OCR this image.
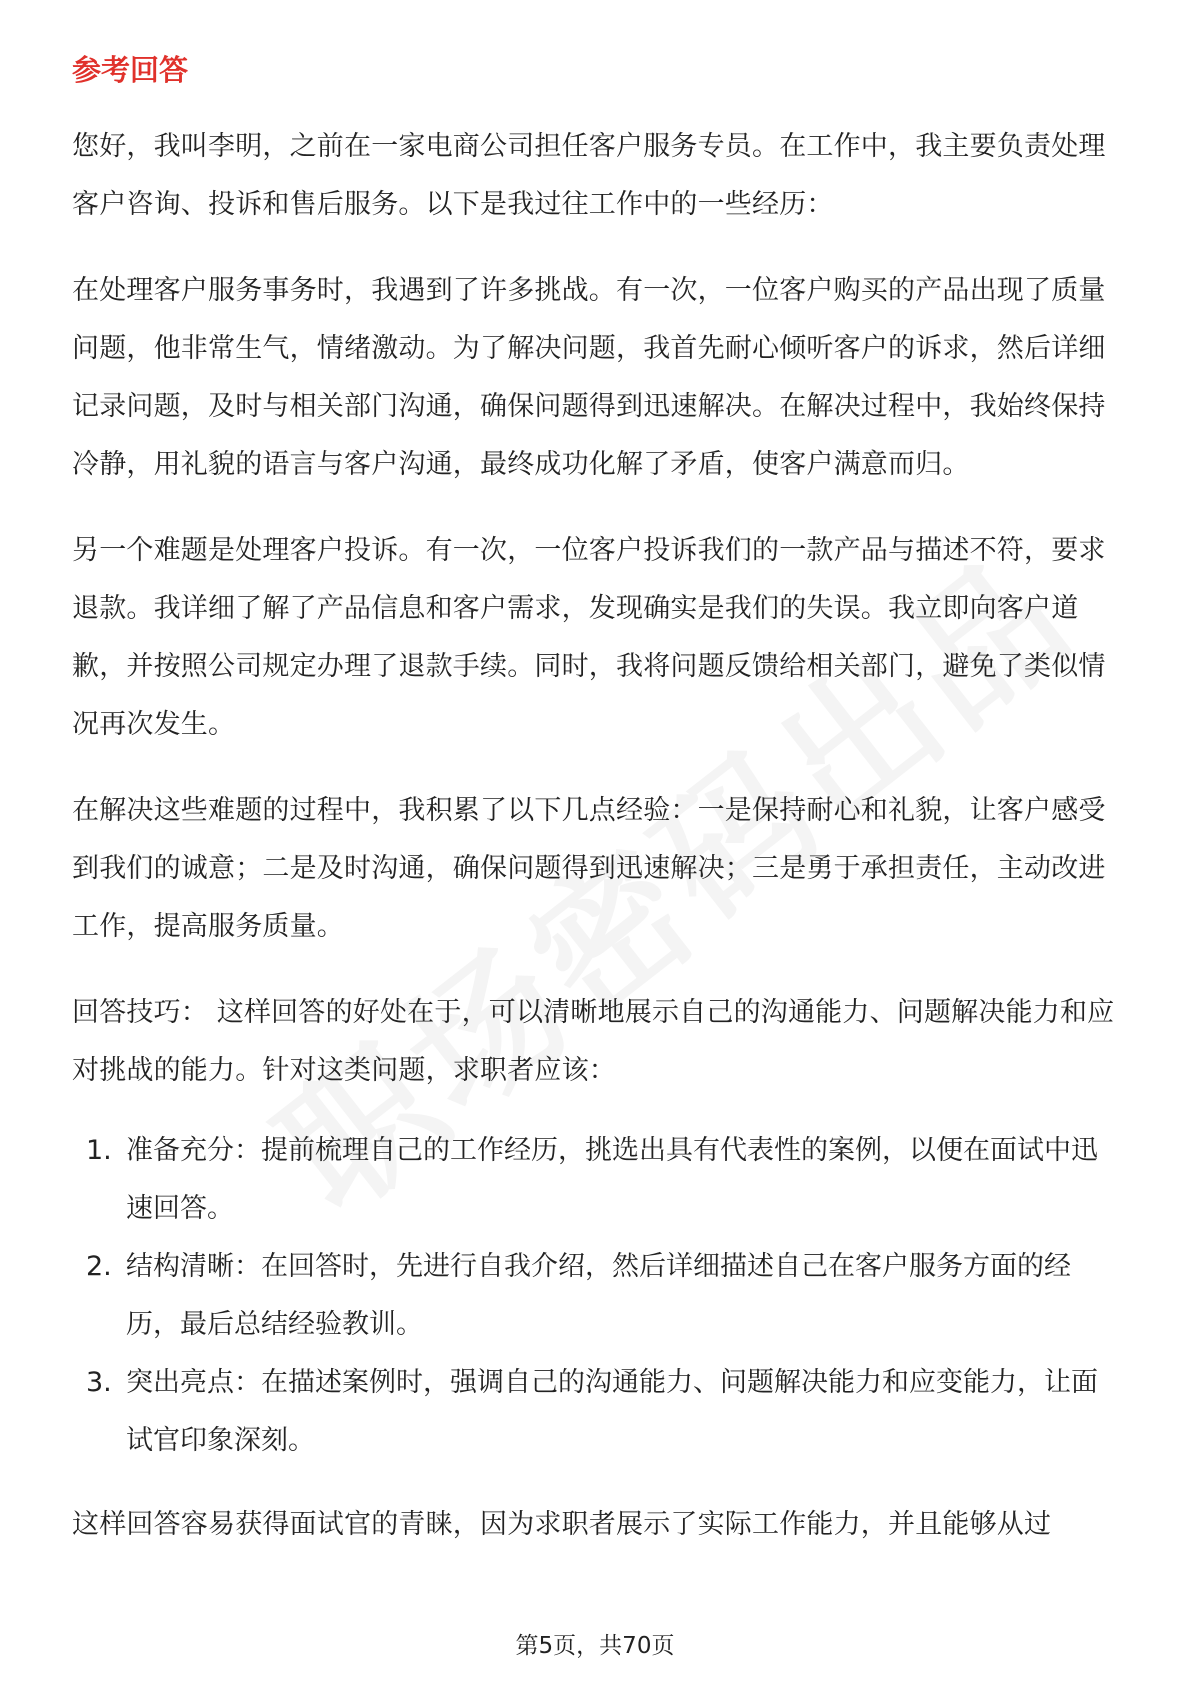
参考回答

您好，我叫李明，之前在一家电商公司担任客户服务专员。在工作中，我主要负责处理客户咨询、投诉和售后服务。以下是我过往工作中的一些经历：

在处理客户服务事务时，我遇到了许多挑战。有一次，一位客户购买的产品出现了质量问题，他非常生气，情绪激动。为了解决问题，我首先耐心倾听客户的诉求，然后详细记录问题，及时与相关部门沟通，确保问题得到迅速解决。在解决过程中，我始终保持冷静，用礼貌的语言与客户沟通，最终成功化解了矛盾，使客户满意而归。

另一个难题是处理客户投诉。有一次，一位客户投诉我们的一款产品与描述不符，要求退款。我详细了解了产品信息和客户需求，发现确实是我们的失误。我立即向客户道歉，并按照公司规定办理了退款手续。同时，我将问题反馈给相关部门，避免了类似情况再次发生。

在解决这些难题的过程中，我积累了以下几点经验：一是保持耐心和礼貌，让客户感受到我们的诚意；二是及时沟通，确保问题得到迅速解决；三是勇于承担责任，主动改进工作，提高服务质量。

回答技巧： 这样回答的好处在于，可以清晰地展示自己的沟通能力、问题解决能力和应对挑战的能力。针对这类问题，求职者应该：

1. 准备充分：提前梳理自己的工作经历，挑选出具有代表性的案例，以便在面试中迅速回答。
2. 结构清晰：在回答时，先进行自我介绍，然后详细描述自己在客户服务方面的经历，最后总结经验教训。
3. 突出亮点：在描述案例时，强调自己的沟通能力、问题解决能力和应变能力，让面试官印象深刻。

这样回答容易获得面试官的青睐，因为求职者展示了实际工作能力，并且能够从过

第5页，共70页
